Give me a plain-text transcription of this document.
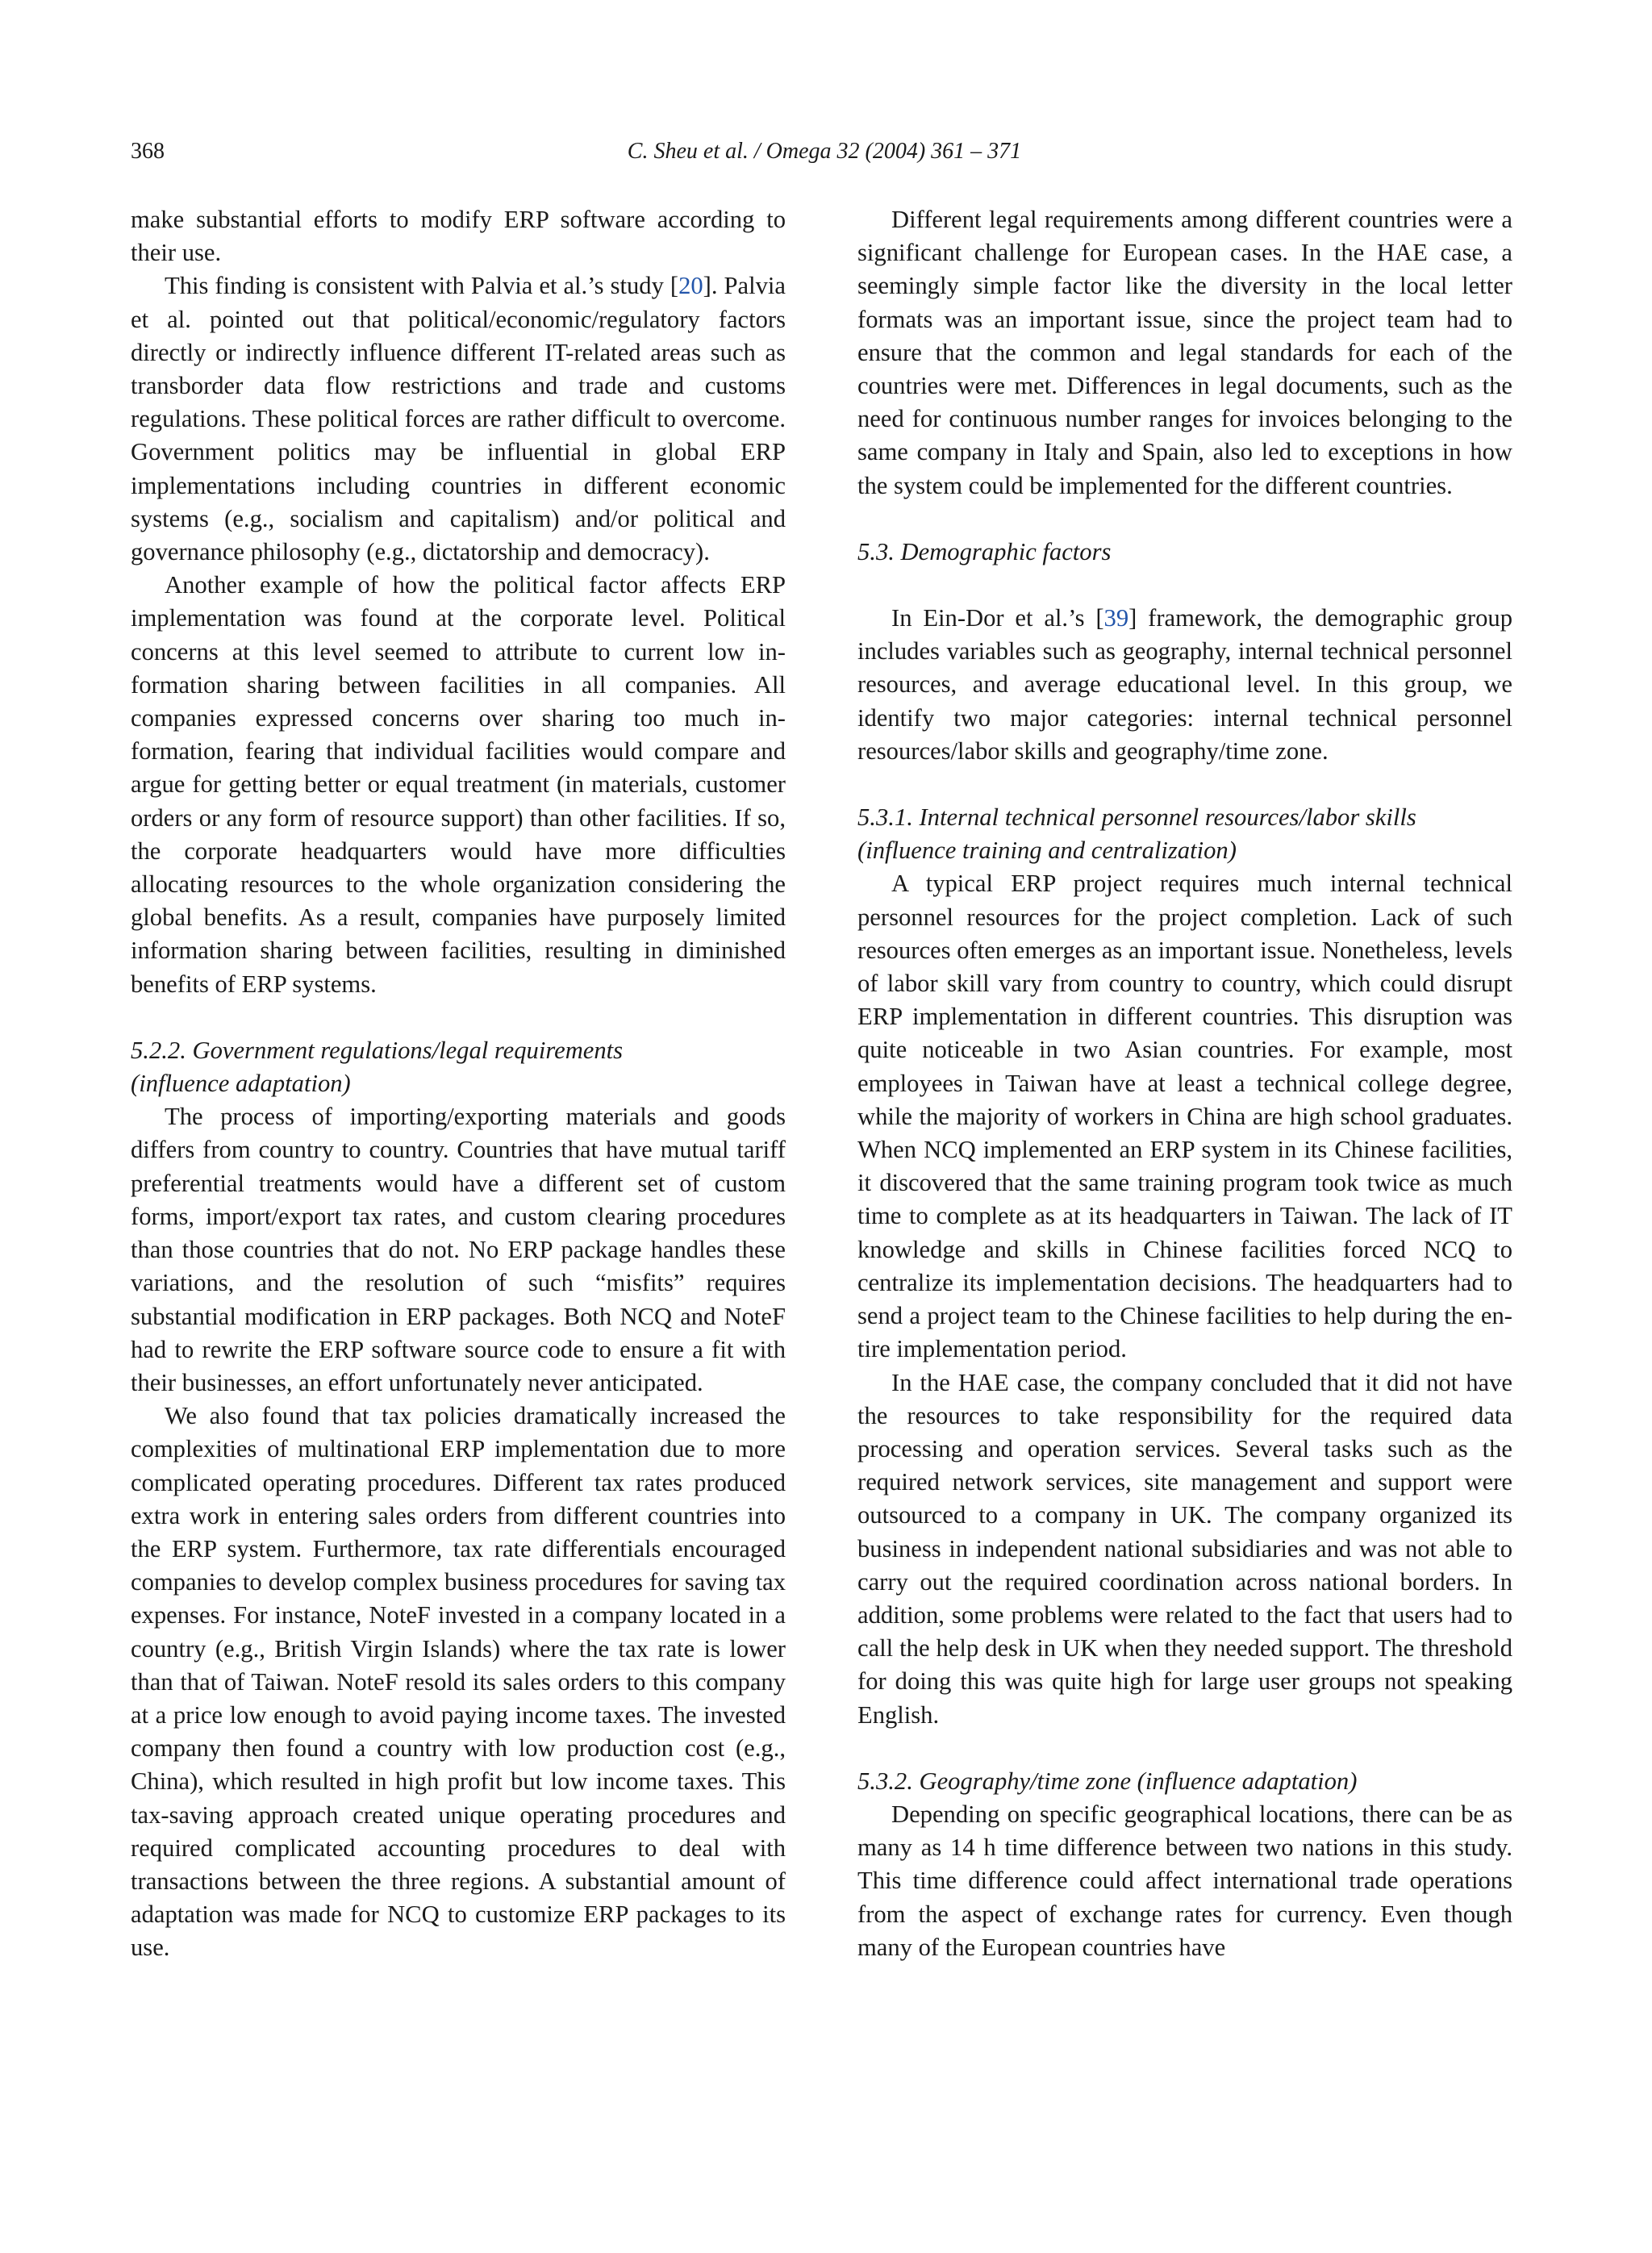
368	C. Sheu et al. / Omega 32 (2004) 361 – 371

make substantial efforts to modify ERP software according to their use.

This finding is consistent with Palvia et al.’s study [20]. Palvia et al. pointed out that political/economic/regulatory factors directly or indirectly influence different IT-related areas such as transborder data flow restrictions and trade and customs regulations. These political forces are rather difficult to overcome. Government politics may be influential in global ERP implementations including countries in different economic systems (e.g., socialism and capitalism) and/or political and governance philosophy (e.g., dictatorship and democracy).

Another example of how the political factor affects ERP implementation was found at the corporate level. Political concerns at this level seemed to attribute to current low information sharing between facilities in all companies. All companies expressed concerns over sharing too much information, fearing that individual facilities would compare and argue for getting better or equal treatment (in materials, customer orders or any form of resource support) than other facilities. If so, the corporate headquarters would have more difficulties allocating resources to the whole organization considering the global benefits. As a result, companies have purposely limited information sharing between facilities, resulting in diminished benefits of ERP systems.

5.2.2. Government regulations/legal requirements
(influence adaptation)

The process of importing/exporting materials and goods differs from country to country. Countries that have mutual tariff preferential treatments would have a different set of custom forms, import/export tax rates, and custom clearing procedures than those countries that do not. No ERP package handles these variations, and the resolution of such “misfits” requires substantial modification in ERP packages. Both NCQ and NoteF had to rewrite the ERP software source code to ensure a fit with their businesses, an effort unfortunately never anticipated.

We also found that tax policies dramatically increased the complexities of multinational ERP implementation due to more complicated operating procedures. Different tax rates produced extra work in entering sales orders from different countries into the ERP system. Furthermore, tax rate differentials encouraged companies to develop complex business procedures for saving tax expenses. For instance, NoteF invested in a company located in a country (e.g., British Virgin Islands) where the tax rate is lower than that of Taiwan. NoteF resold its sales orders to this company at a price low enough to avoid paying income taxes. The invested company then found a country with low production cost (e.g., China), which resulted in high profit but low income taxes. This tax-saving approach created unique operating procedures and required complicated accounting procedures to deal with transactions between the three regions. A substantial amount of adaptation was made for NCQ to customize ERP packages to its use.

Different legal requirements among different countries were a significant challenge for European cases. In the HAE case, a seemingly simple factor like the diversity in the local letter formats was an important issue, since the project team had to ensure that the common and legal standards for each of the countries were met. Differences in legal documents, such as the need for continuous number ranges for invoices belonging to the same company in Italy and Spain, also led to exceptions in how the system could be implemented for the different countries.

5.3. Demographic factors

In Ein-Dor et al.’s [39] framework, the demographic group includes variables such as geography, internal technical personnel resources, and average educational level. In this group, we identify two major categories: internal technical personnel resources/labor skills and geography/time zone.

5.3.1. Internal technical personnel resources/labor skills
(influence training and centralization)

A typical ERP project requires much internal technical personnel resources for the project completion. Lack of such resources often emerges as an important issue. Nonetheless, levels of labor skill vary from country to country, which could disrupt ERP implementation in different countries. This disruption was quite noticeable in two Asian countries. For example, most employees in Taiwan have at least a technical college degree, while the majority of workers in China are high school graduates. When NCQ implemented an ERP system in its Chinese facilities, it discovered that the same training program took twice as much time to complete as at its headquarters in Taiwan. The lack of IT knowledge and skills in Chinese facilities forced NCQ to centralize its implementation decisions. The headquarters had to send a project team to the Chinese facilities to help during the entire implementation period.

In the HAE case, the company concluded that it did not have the resources to take responsibility for the required data processing and operation services. Several tasks such as the required network services, site management and support were outsourced to a company in UK. The company organized its business in independent national subsidiaries and was not able to carry out the required coordination across national borders. In addition, some problems were related to the fact that users had to call the help desk in UK when they needed support. The threshold for doing this was quite high for large user groups not speaking English.

5.3.2. Geography/time zone (influence adaptation)

Depending on specific geographical locations, there can be as many as 14 h time difference between two nations in this study. This time difference could affect international trade operations from the aspect of exchange rates for currency. Even though many of the European countries have
